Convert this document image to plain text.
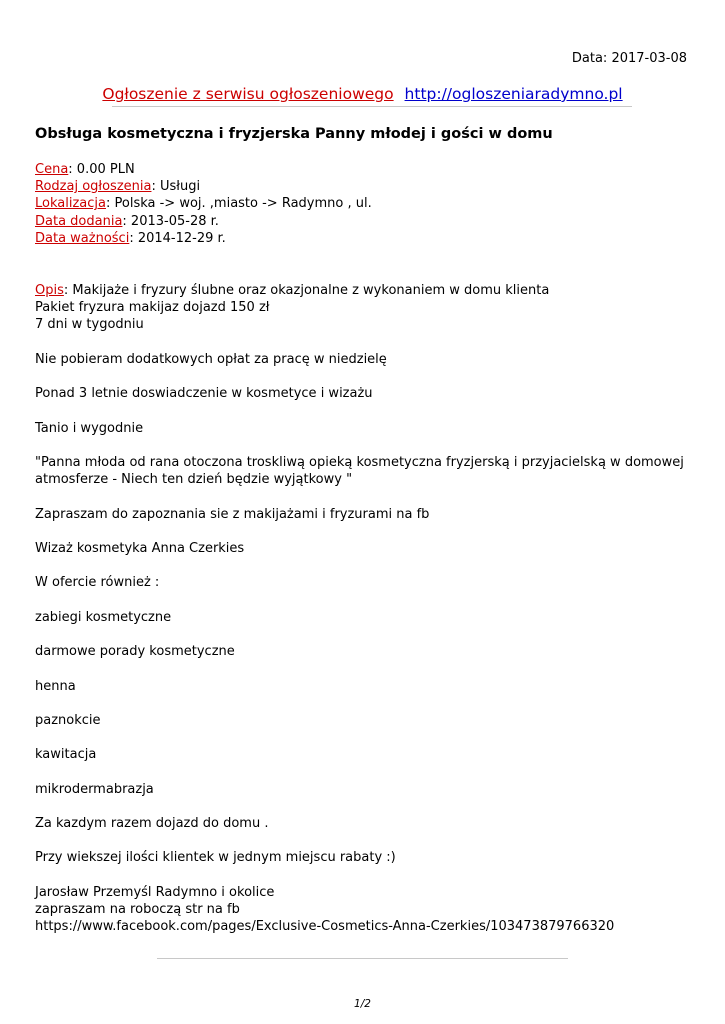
Data: 2017-03-08
Ogłoszenie z serwisu ogłoszeniowego http://ogloszeniaradymno.pl
Obsługa kosmetyczna i fryzjerska Panny młodej i gości w domu
Cena: 0.00 PLN
Rodzaj ogłoszenia: Usługi
Lokalizacja: Polska -> woj. ,miasto -> Radymno , ul.
Data dodania: 2013-05-28 r.
Data ważności: 2014-12-29 r.
Opis: Makijaże i fryzury ślubne oraz okazjonalne z wykonaniem w domu klienta
Pakiet fryzura makijaz dojazd 150 zł
7 dni w tygodniu
Nie pobieram dodatkowych opłat za pracę w niedzielę
Ponad 3 letnie doswiadczenie w kosmetyce i wizażu
Tanio i wygodnie
"Panna młoda od rana otoczona troskliwą opieką kosmetyczna fryzjerską i przyjacielską w domowej
atmosferze - Niech ten dzień będzie wyjątkowy "
Zapraszam do zapoznania sie z makijażami i fryzurami na fb
Wizaż kosmetyka Anna Czerkies
W ofercie również :
zabiegi kosmetyczne
darmowe porady kosmetyczne
henna
paznokcie
kawitacja
mikrodermabrazja
Za kazdym razem dojazd do domu .
Przy wiekszej ilości klientek w jednym miejscu rabaty :)
Jarosław Przemyśl Radymno i okolice
zapraszam na roboczą str na fb
https://www.facebook.com/pages/Exclusive-Cosmetics-Anna-Czerkies/103473879766320
1/2
